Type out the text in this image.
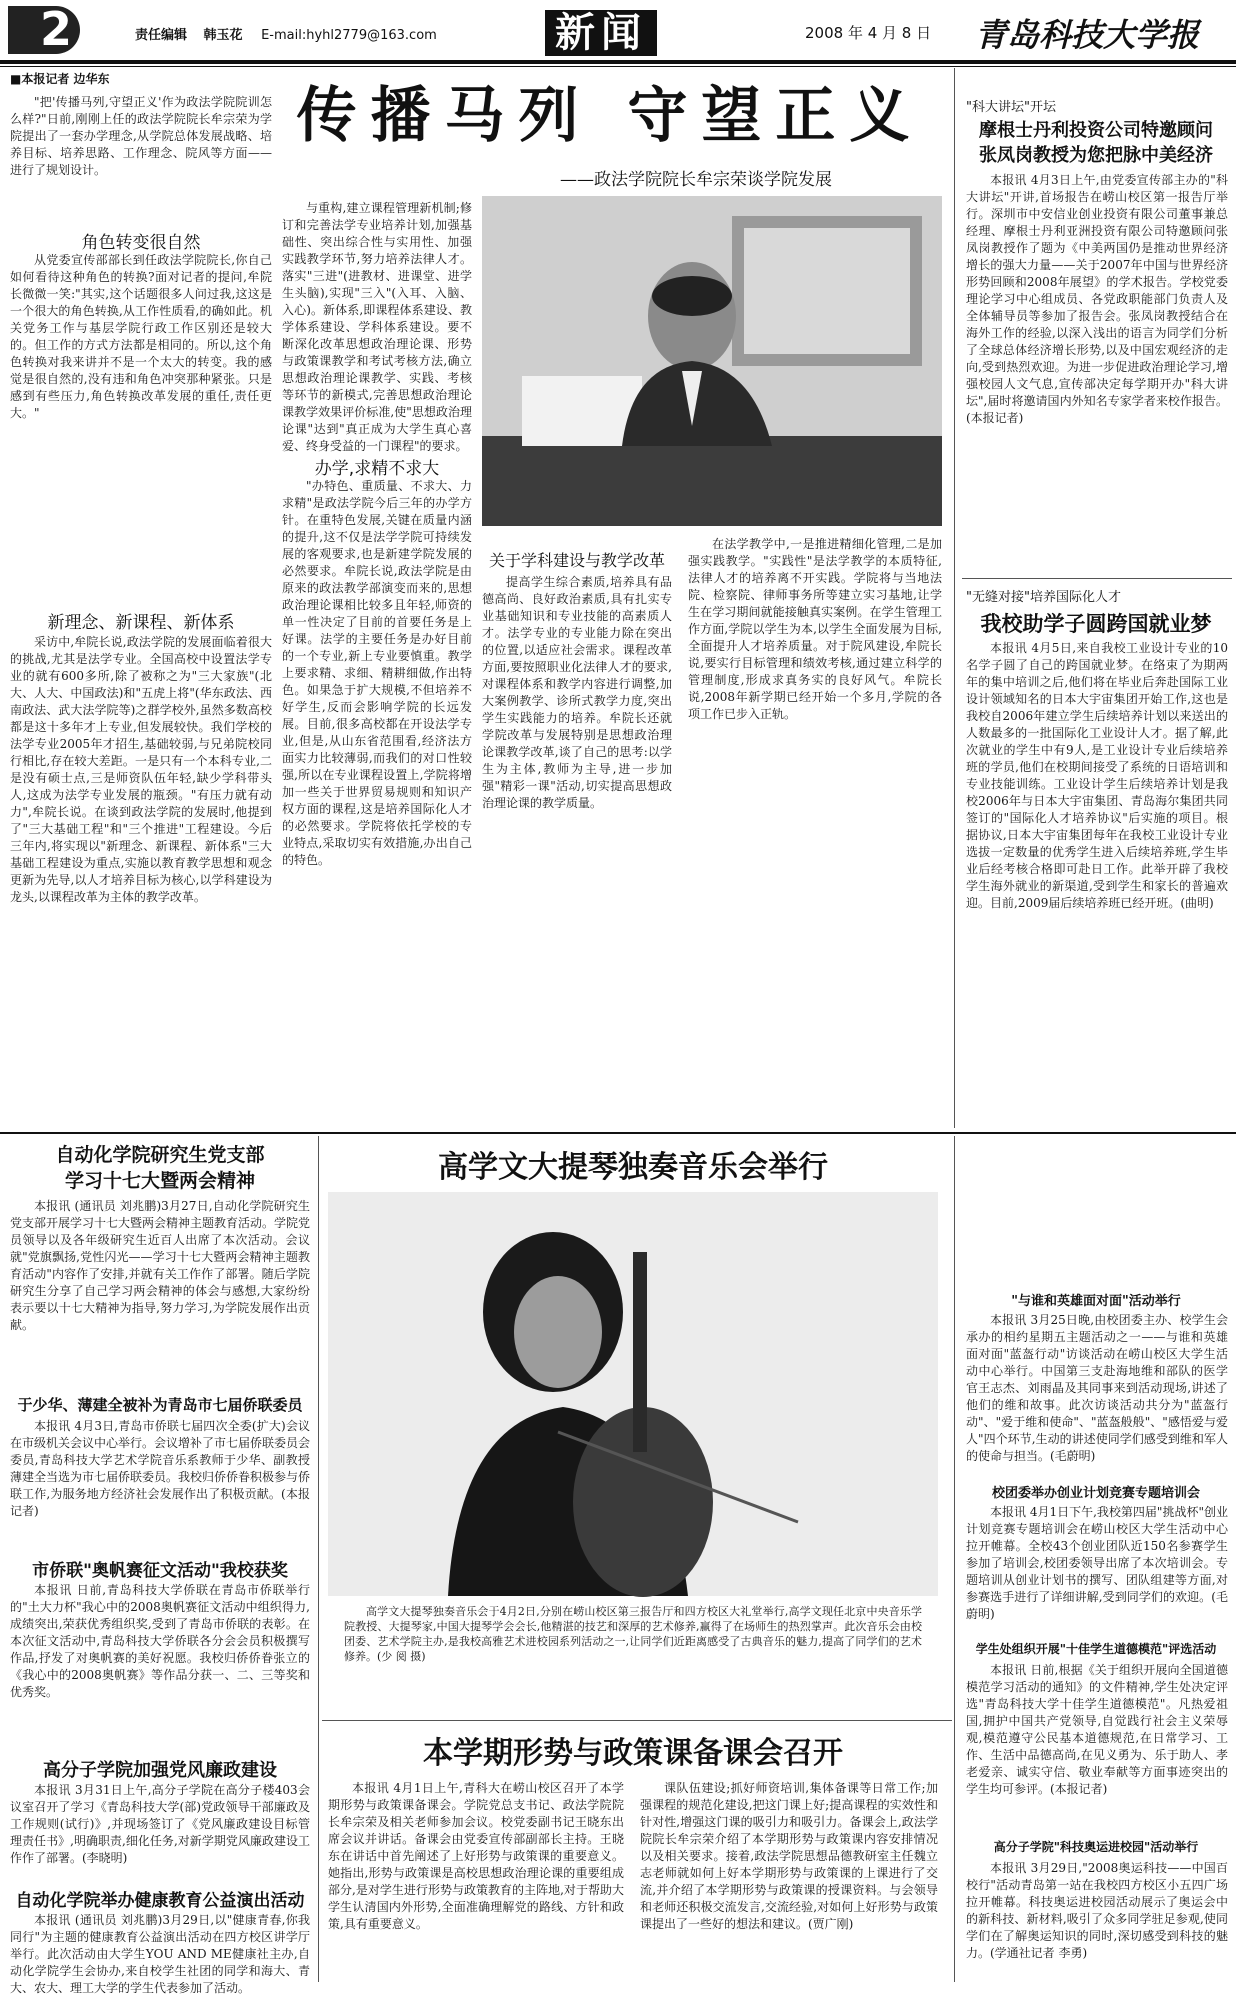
2	责任编辑 韩玉花 E-mail:hyhl2779@163.com	新闻	2008 年 4 月 8 日 青岛科技大学报
■本报记者 边华东
传播马列 守望正义
——政法学院院长牟宗荣谈学院发展

"把'传播马列,守望正义'作为政法学院院训怎么样?"日前,刚刚上任的政法学院院长牟宗荣为学院提出了一套办学理念,从学院总体发展战略、培养目标、培养思路、工作理念、院风等方面——进行了规划设计。

角色转变很自然

从党委宣传部部长到任政法学院院长,你自己如何看待这种角色的转换?面对记者的提问,牟院长微微一笑:"其实,这个话题很多人问过我,这这是一个很大的角色转换,从工作性质看,的确如此。机关党务工作与基层学院行政工作区别还是较大的。但工作的方式方法都是相同的。所以,这个角色转换对我来讲并不是一个太大的转变。我的感觉是很自然的,没有违和角色冲突那种紧张。只是感到有些压力,角色转换改革发展的重任,责任更大。"

新理念、新课程、新体系

采访中,牟院长说,政法学院的发展面临着很大的挑战,尤其是法学专业。全国高校中设置法学专业的就有600多所,除了被称之为"三大家族"(北大、人大、中国政法)和"五虎上将"(华东政法、西南政法、武大法学院等)之群学校外,虽然多数高校都是这十多年才上专业,但发展较快。我们学校的法学专业2005年才招生,基础较弱,与兄弟院校同行相比,存在较大差距。一是只有一个本科专业,二是没有硕士点,三是师资队伍年轻,缺少学科带头人,这成为法学专业发展的瓶颈。"有压力就有动力",牟院长说。在谈到政法学院的发展时,他提到了"三大基础工程"和"三个推进"工程建设。今后三年内,将实现以"新理念、新课程、新体系"三大基础工程建设为重点,实施以教育教学思想和观念更新为先导,以人才培养目标为核心,以学科建设为龙头,以课程改革为主体的教学改革。

与重构,建立课程管理新机制;修订和完善法学专业培养计划,加强基础性、突出综合性与实用性、加强实践教学环节,努力培养法律人才。落实"三进"(进教材、进课堂、进学生头脑),实现"三入"(入耳、入脑、入心)。新体系,即课程体系建设、教学体系建设、学科体系建设。要不断深化改革思想政治理论课、形势与政策课教学和考试考核方法,确立思想政治理论课教学、实践、考核等环节的新模式,完善思想政治理论课教学效果评价标准,使"思想政治理论课"达到"真正成为大学生真心喜爱、终身受益的一门课程"的要求。

办学,求精不求大

"办特色、重质量、不求大、力求精"是政法学院今后三年的办学方针。在重特色发展,关键在质量内涵的提升,这不仅是法学学院可持续发展的客观要求,也是新建学院发展的必然要求。牟院长说,政法学院是由原来的政法教学部演变而来的,思想政治理论课相比较多且年轻,师资的单一性决定了目前的首要任务是上好课。法学的主要任务是办好目前的一个专业,新上专业要慎重。教学上要求精、求细、精耕细做,作出特色。如果急于扩大规模,不但培养不好学生,反而会影响学院的长远发展。目前,很多高校都在开设法学专业,但是,从山东省范围看,经济法方面实力比较薄弱,而我们的对口性较强,所以在专业课程设置上,学院将增加一些关于世界贸易规则和知识产权方面的课程,这是培养国际化人才的必然要求。学院将依托学校的专业特点,采取切实有效措施,办出自己的特色。

关于学科建设与教学改革

提高学生综合素质,培养具有品德高尚、良好政治素质,具有扎实专业基础知识和专业技能的高素质人才。法学专业的专业能力除在突出的位置,以适应社会需求。课程改革方面,要按照职业化法律人才的要求,对课程体系和教学内容进行调整,加大案例教学、诊所式教学力度,突出学生实践能力的培养。牟院长还就学院改革与发展特别是思想政治理论课教学改革,谈了自己的思考:以学生为主体,教师为主导,进一步加强"精彩一课"活动,切实提高思想政治理论课的教学质量。

在法学教学中,一是推进精细化管理,二是加强实践教学。"实践性"是法学教学的本质特征,法律人才的培养离不开实践。学院将与当地法院、检察院、律师事务所等建立实习基地,让学生在学习期间就能接触真实案例。在学生管理工作方面,学院以学生为本,以学生全面发展为目标,全面提升人才培养质量。对于院风建设,牟院长说,要实行目标管理和绩效考核,通过建立科学的管理制度,形成求真务实的良好风气。牟院长说,2008年新学期已经开始一个多月,学院的各项工作已步入正轨。

"科大讲坛"开坛
摩根士丹利投资公司特邀顾问
张凤岗教授为您把脉中美经济

本报讯 4月3日上午,由党委宣传部主办的"科大讲坛"开讲,首场报告在崂山校区第一报告厅举行。深圳市中安信业创业投资有限公司董事兼总经理、摩根士丹利亚洲投资有限公司特邀顾问张凤岗教授作了题为《中美两国仍是推动世界经济增长的强大力量——关于2007年中国与世界经济形势回顾和2008年展望》的学术报告。学校党委理论学习中心组成员、各党政职能部门负责人及全体辅导员等参加了报告会。张凤岗教授结合在海外工作的经验,以深入浅出的语言为同学们分析了全球总体经济增长形势,以及中国宏观经济的走向,受到热烈欢迎。为进一步促进政治理论学习,增强校园人文气息,宣传部决定每学期开办"科大讲坛",届时将邀请国内外知名专家学者来校作报告。(本报记者)

"无缝对接"培养国际化人才
我校助学子圆跨国就业梦

本报讯 4月5日,来自我校工业设计专业的10名学子圆了自己的跨国就业梦。在络束了为期两年的集中培训之后,他们将在毕业后奔赴国际工业设计领域知名的日本大宇宙集团开始工作,这也是我校自2006年建立学生后续培养计划以来送出的人数最多的一批国际化工业设计人才。据了解,此次就业的学生中有9人,是工业设计专业后续培养班的学员,他们在校期间接受了系统的日语培训和专业技能训练。工业设计学生后续培养计划是我校2006年与日本大宇宙集团、青岛海尔集团共同签订的"国际化人才培养协议"后实施的项目。根据协议,日本大宇宙集团每年在我校工业设计专业选拔一定数量的优秀学生进入后续培养班,学生毕业后经考核合格即可赴日工作。此举开辟了我校学生海外就业的新渠道,受到学生和家长的普遍欢迎。目前,2009届后续培养班已经开班。(曲明)

自动化学院研究生党支部
学习十七大暨两会精神

本报讯 (通讯员 刘兆鹏)3月27日,自动化学院研究生党支部开展学习十七大暨两会精神主题教育活动。学院党员领导以及各年级研究生近百人出席了本次活动。会议就"党旗飘扬,党性闪光——学习十七大暨两会精神主题教育活动"内容作了安排,并就有关工作作了部署。随后学院研究生分享了自己学习两会精神的体会与感想,大家纷纷表示要以十七大精神为指导,努力学习,为学院发展作出贡献。

于少华、薄建全被补为青岛市七届侨联委员

本报讯 4月3日,青岛市侨联七届四次全委(扩大)会议在市级机关会议中心举行。会议增补了市七届侨联委员会委员,青岛科技大学艺术学院音乐系教师于少华、副教授薄建全当选为市七届侨联委员。我校归侨侨眷积极参与侨联工作,为服务地方经济社会发展作出了积极贡献。(本报记者)

市侨联"奥帆赛征文活动"我校获奖

本报讯 日前,青岛科技大学侨联在青岛市侨联举行的"土大力杯"我心中的2008奥帆赛征文活动中组织得力,成绩突出,荣获优秀组织奖,受到了青岛市侨联的表彰。在本次征文活动中,青岛科技大学侨联各分会会员积极撰写作品,抒发了对奥帆赛的美好祝愿。我校归侨侨眷张立的《我心中的2008奥帆赛》等作品分获一、二、三等奖和优秀奖。

高分子学院加强党风廉政建设

本报讯 3月31日上午,高分子学院在高分子楼403会议室召开了学习《青岛科技大学(部)党政领导干部廉政及工作规则(试行)》,并现场签订了《党风廉政建设目标管理责任书》,明确职责,细化任务,对新学期党风廉政建设工作作了部署。(李晓明)

自动化学院举办健康教育公益演出活动

本报讯 (通讯员 刘兆鹏)3月29日,以"健康青春,你我同行"为主题的健康教育公益演出活动在四方校区讲学厅举行。此次活动由大学生YOU AND ME健康社主办,自动化学院学生会协办,来自校学生社团的同学和海大、青大、农大、理工大学的学生代表参加了活动。

高学文大提琴独奏音乐会举行

高学文大提琴独奏音乐会于4月2日,分别在崂山校区第三报告厅和四方校区大礼堂举行,高学文现任北京中央音乐学院教授、大提琴家,中国大提琴学会会长,他精湛的技艺和深厚的艺术修养,赢得了在场师生的热烈掌声。此次音乐会由校团委、艺术学院主办,是我校高雅艺术进校园系列活动之一,让同学们近距离感受了古典音乐的魅力,提高了同学们的艺术修养。(少 阅 摄)

本学期形势与政策课备课会召开

本报讯 4月1日上午,青科大在崂山校区召开了本学期形势与政策课备课会。学院党总支书记、政法学院院长牟宗荣及相关老师参加会议。校党委副书记王晓东出席会议并讲话。备课会由党委宣传部副部长主持。王晓东在讲话中首先阐述了上好形势与政策课的重要意义。她指出,形势与政策课是高校思想政治理论课的重要组成部分,是对学生进行形势与政策教育的主阵地,对于帮助大学生认清国内外形势,全面准确理解党的路线、方针和政策,具有重要意义。

课队伍建设;抓好师资培训,集体备课等日常工作;加强课程的规范化建设,把这门课上好;提高课程的实效性和针对性,增强这门课的吸引力和吸引力。备课会上,政法学院院长牟宗荣介绍了本学期形势与政策课内容安排情况以及相关要求。接着,政法学院思想品德教研室主任魏立志老师就如何上好本学期形势与政策课的上课进行了交流,并介绍了本学期形势与政策课的授课资料。与会领导和老师还积极交流发言,交流经验,对如何上好形势与政策课提出了一些好的想法和建议。(贾广刚)

"与谁和英雄面对面"活动举行

本报讯 3月25日晚,由校团委主办、校学生会承办的相约星期五主题活动之一——与谁和英雄面对面"蓝盔行动"访谈活动在崂山校区大学生活动中心举行。中国第三支赴海地维和部队的医学官王志杰、刘雨晶及其同事来到活动现场,讲述了他们的维和故事。此次访谈活动共分为"蓝盔行动"、"爱于维和使命"、"蓝盔般般"、"感悟爱与爱人"四个环节,生动的讲述使同学们感受到维和军人的使命与担当。(毛蔚明)

校团委举办创业计划竞赛专题培训会

本报讯 4月1日下午,我校第四届"挑战杯"创业计划竞赛专题培训会在崂山校区大学生活动中心拉开帷幕。全校43个创业团队近150名参赛学生参加了培训会,校团委领导出席了本次培训会。专题培训从创业计划书的撰写、团队组建等方面,对参赛选手进行了详细讲解,受到同学们的欢迎。(毛蔚明)

学生处组织开展"十佳学生道德模范"评选活动

本报讯 日前,根据《关于组织开展向全国道德模范学习活动的通知》的文件精神,学生处决定评选"青岛科技大学十佳学生道德模范"。凡热爱祖国,拥护中国共产党领导,自觉践行社会主义荣辱观,模范遵守公民基本道德规范,在日常学习、工作、生活中品德高尚,在见义勇为、乐于助人、孝老爱亲、诚实守信、敬业奉献等方面事迹突出的学生均可参评。(本报记者)

高分子学院"科技奥运进校园"活动举行

本报讯 3月29日,"2008奥运科技——中国百校行"活动青岛第一站在我校四方校区小五四广场拉开帷幕。科技奥运进校园活动展示了奥运会中的新科技、新材料,吸引了众多同学驻足参观,使同学们在了解奥运知识的同时,深切感受到科技的魅力。(学通社记者 李勇)
